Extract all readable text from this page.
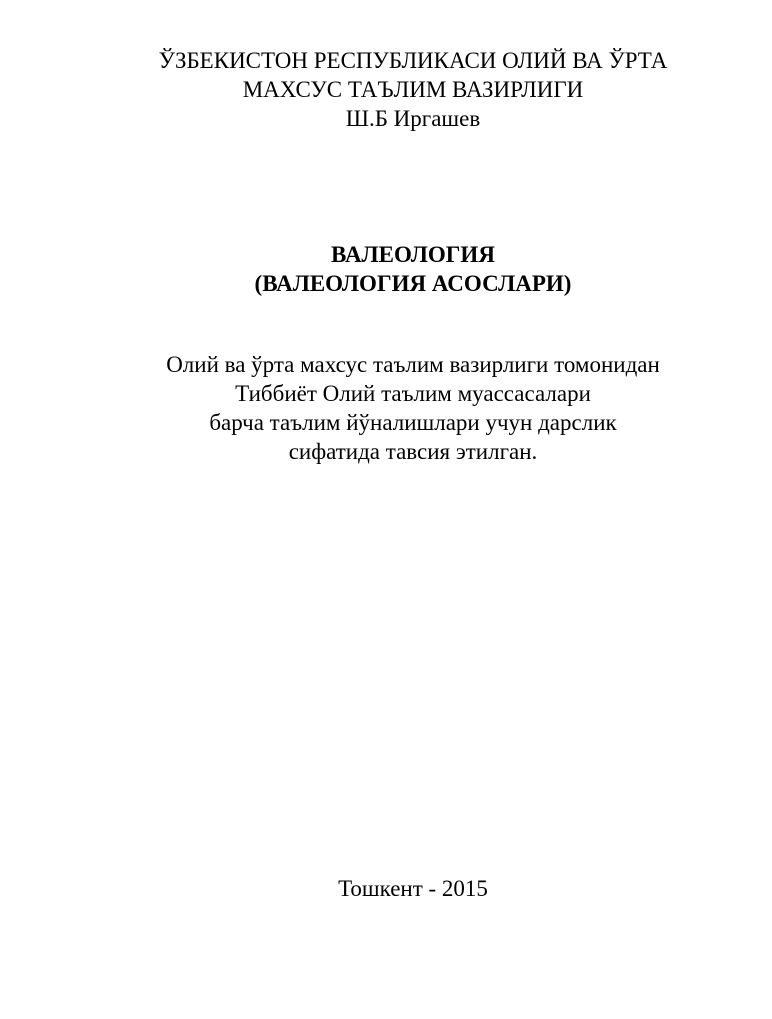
ЎЗБЕКИСТОН РЕСПУБЛИКАСИ ОЛИЙ ВА ЎРТА
МАХСУС ТАЪЛИМ ВАЗИРЛИГИ
Ш.Б Иргашев
ВАЛЕОЛОГИЯ
(ВАЛЕОЛОГИЯ АСОСЛАРИ)
Олий ва ўрта махсус таълим вазирлиги томонидан
Тиббиёт Олий таълим муассасалари
барча таълим йўналишлари учун дарслик
сифатида тавсия этилган.
Тошкент - 2015
